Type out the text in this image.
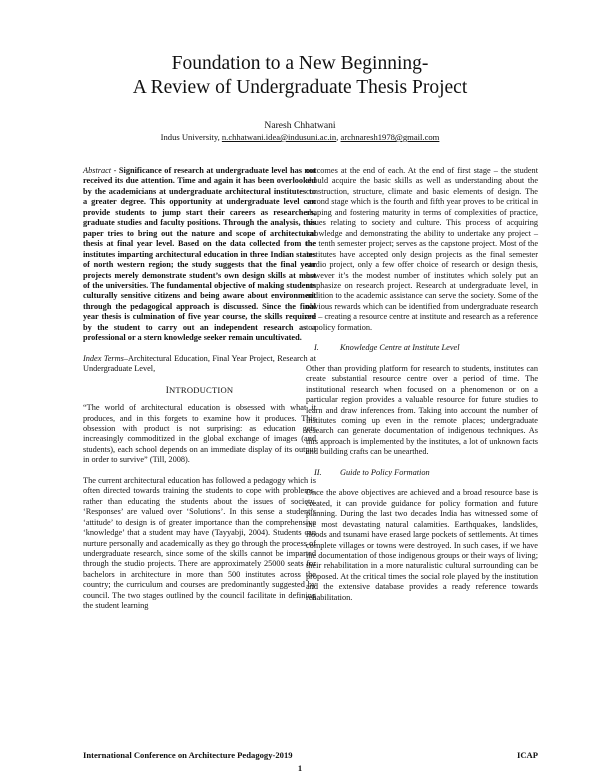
Foundation to a New Beginning-
A Review of Undergraduate Thesis Project
Naresh Chhatwani
Indus University, n.chhatwani.idea@indusuni.ac.in, archnaresh1978@gmail.com

Abstract - Significance of research at undergraduate level has not received its due attention. Time and again it has been overlooked by the academicians at undergraduate architectural institutes to a greater degree. This opportunity at undergraduate level can provide students to jump start their careers as researchers, graduate studies and faculty positions. Through the analysis, this paper tries to bring out the nature and scope of architectural thesis at final year level. Based on the data collected from the institutes imparting architectural education in three Indian states of north western region; the study suggests that the final year projects merely demonstrate student’s own design skills at most of the universities. The fundamental objective of making students culturally sensitive citizens and being aware about environment through the pedagogical approach is discussed. Since the final year thesis is culmination of five year course, the skills required by the student to carry out an independent research as a professional or a stern knowledge seeker remain uncultivated.

Index Terms–Architectural Education, Final Year Project, Research at Undergraduate Level,

INTRODUCTION

“The world of architectural education is obsessed with what it produces, and in this forgets to examine how it produces. This obsession with product is not surprising: as education gets increasingly commoditized in the global exchange of images (and students), each school depends on an immediate display of its output in order to survive” (Till, 2008).

The current architectural education has followed a pedagogy which is often directed towards training the students to cope with problems, rather than educating the students about the issues of society. ‘Responses’ are valued over ‘Solutions’. In this sense a student’s ‘attitude’ to design is of greater importance than the comprehensive ‘knowledge’ that a student may have (Tayyabji, 2004). Students can nurture personally and academically as they go through the process of undergraduate research, since some of the skills cannot be imparted through the studio projects. There are approximately 25000 seats for bachelors in architecture in more than 500 institutes across the country; the curriculum and courses are predominantly suggested by council. The two stages outlined by the council facilitate in defining the student learning

outcomes at the end of each. At the end of first stage – the student should acquire the basic skills as well as understanding about the construction, structure, climate and basic elements of design. The second stage which is the fourth and fifth year proves to be critical in shaping and fostering maturity in terms of complexities of practice, issues relating to society and culture. This process of acquiring knowledge and demonstrating the ability to undertake any project – the tenth semester project; serves as the capstone project. Most of the institutes have accepted only design projects as the final semester studio project, only a few offer choice of research or design thesis, however it’s the modest number of institutes which solely put an emphasize on research project. Research at undergraduate level, in addition to the academic assistance can serve the society. Some of the obvious rewards which can be identified from undergraduate research are – creating a resource centre at institute and research as a reference to policy formation.

I.	Knowledge Centre at Institute Level

Other than providing platform for research to students, institutes can create substantial resource centre over a period of time. The institutional research when focused on a phenomenon or on a particular region provides a valuable resource for future studies to learn and draw inferences from. Taking into account the number of institutes coming up even in the remote places; undergraduate research can generate documentation of indigenous techniques. As this approach is implemented by the institutes, a lot of unknown facts and building crafts can be unearthed.

II. Guide to Policy Formation

Once the above objectives are achieved and a broad resource base is created, it can provide guidance for policy formation and future planning. During the last two decades India has witnessed some of the most devastating natural calamities. Earthquakes, landslides, floods and tsunami have erased large pockets of settlements. At times complete villages or towns were destroyed. In such cases, if we have the documentation of those indigenous groups or their ways of living; their rehabilitation in a more naturalistic cultural surrounding can be proposed. At the critical times the social role played by the institution and the extensive database provides a ready reference towards rehabilitation.

International Conference on Architecture Pedagogy-2019	ICAP
1
